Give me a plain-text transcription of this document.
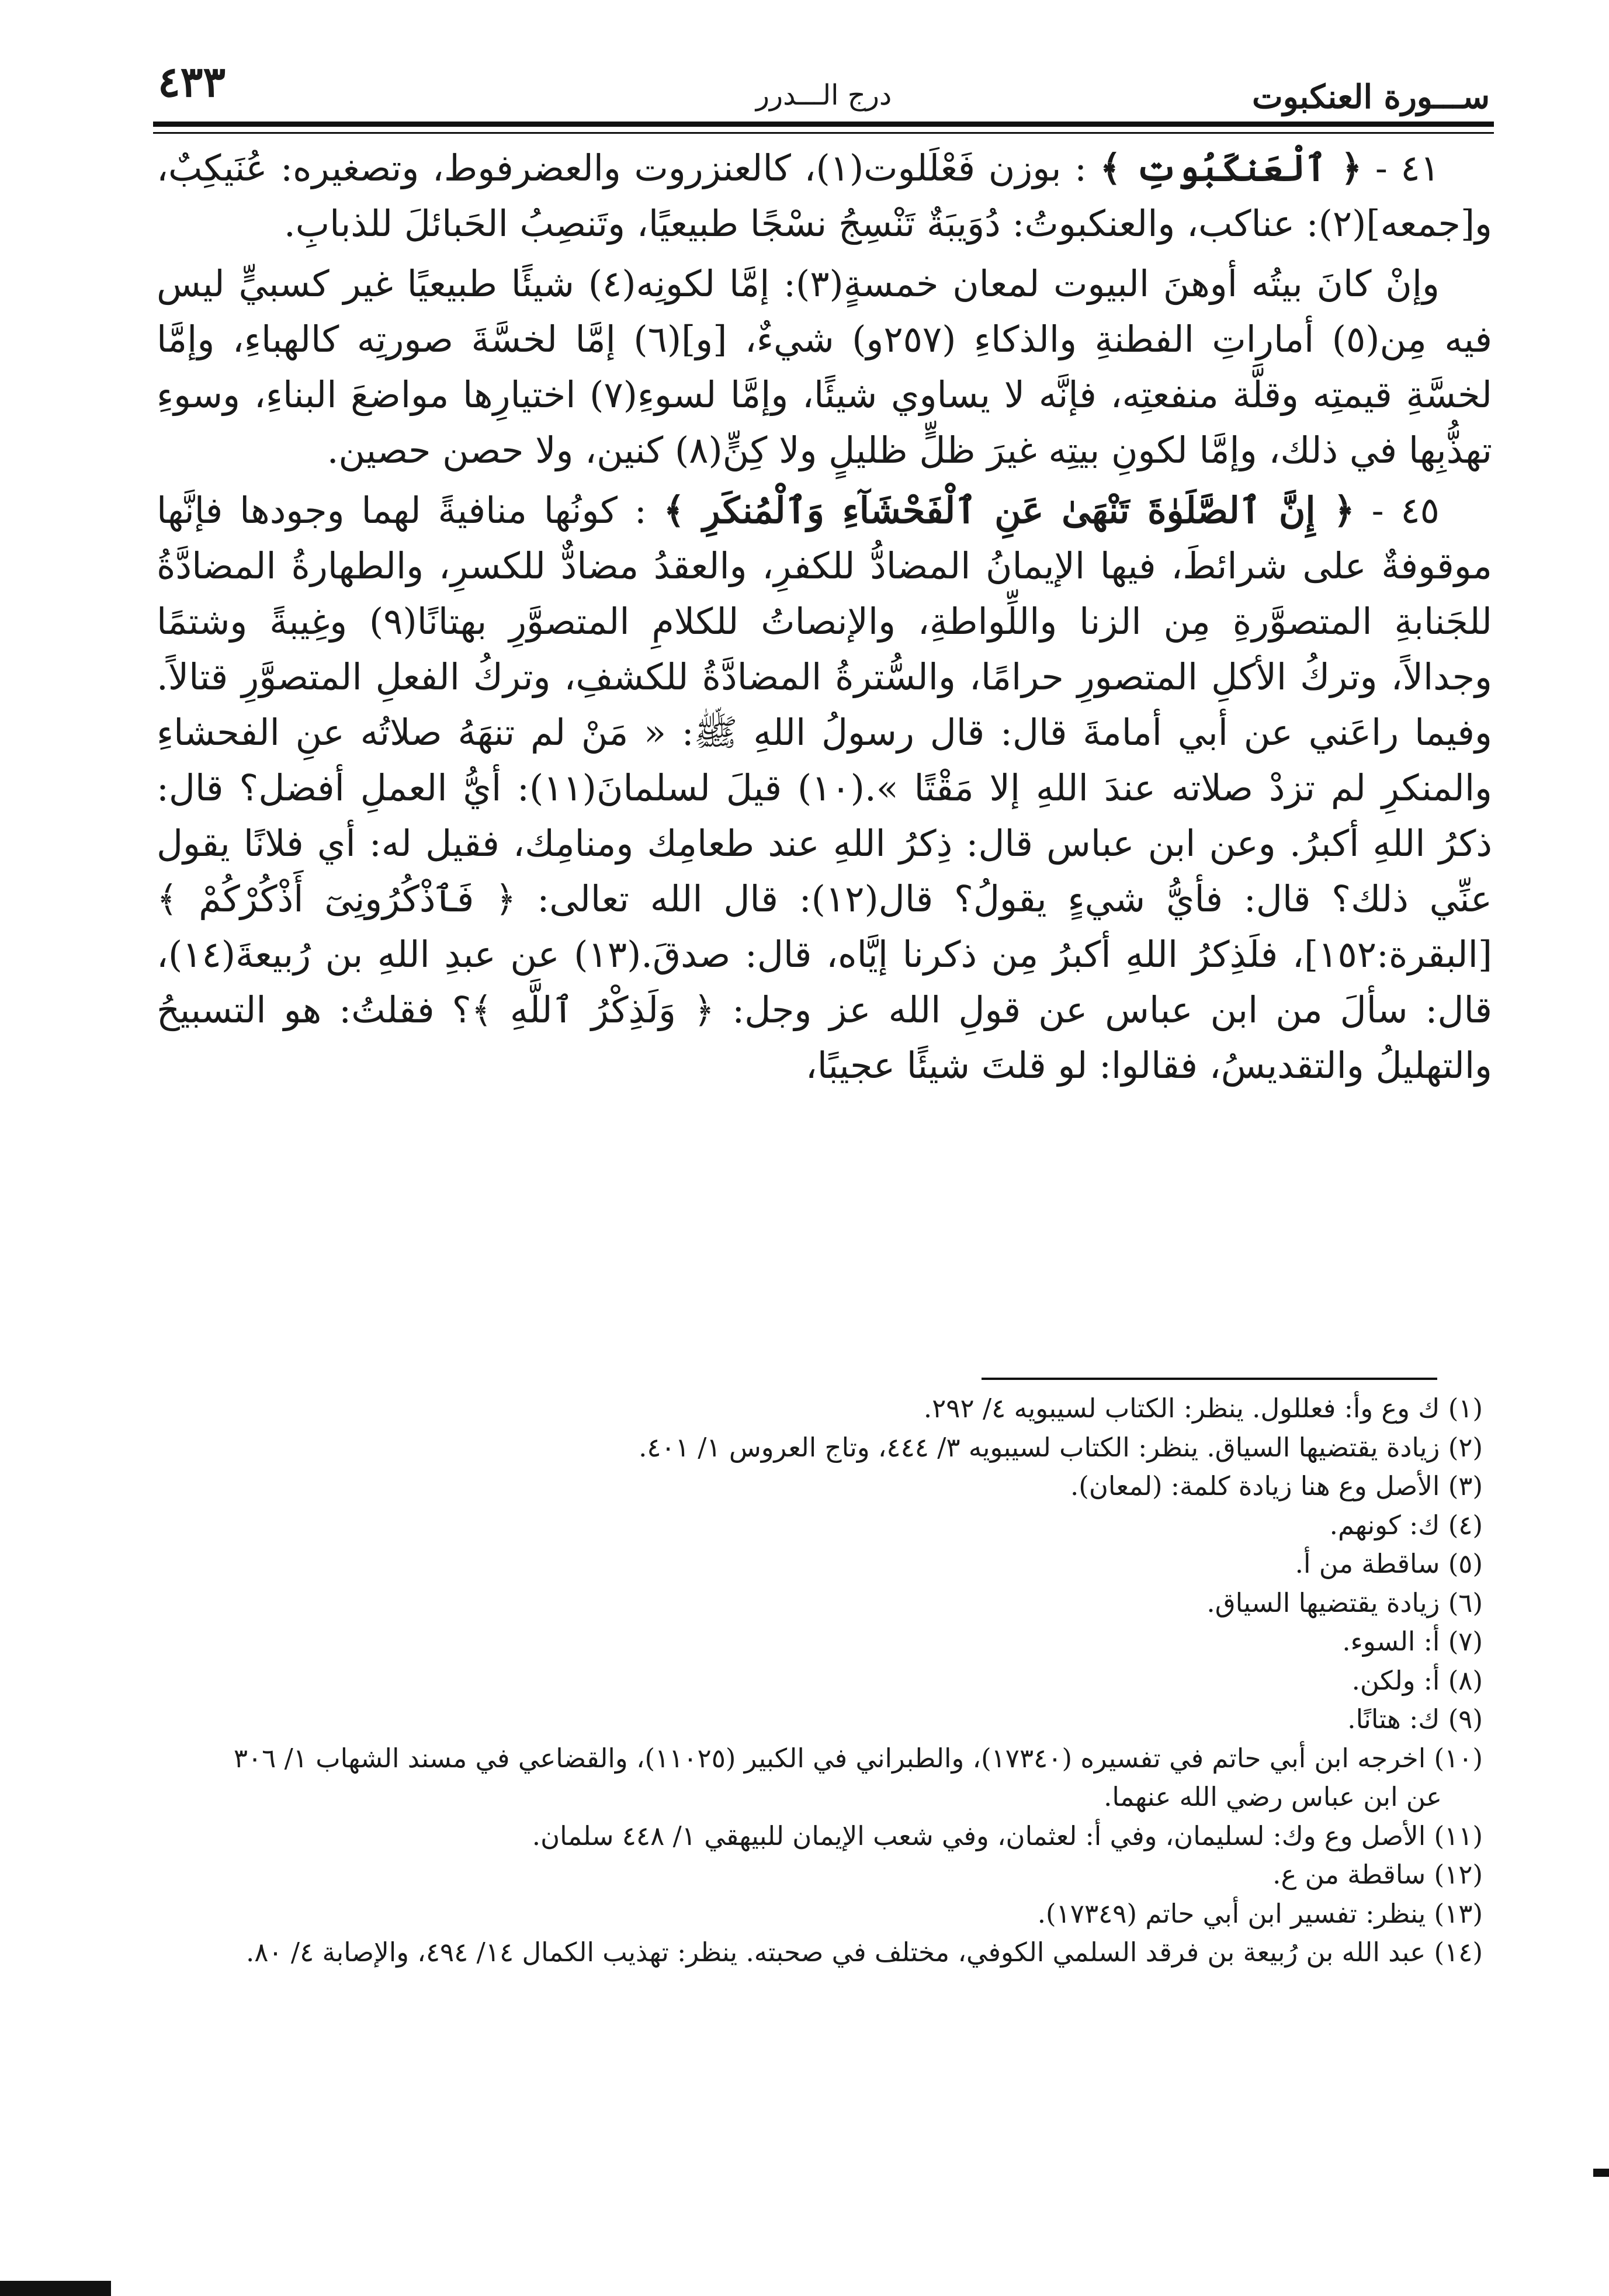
ســـورة العنكبوت
درج الـــدرر
٤٣٣

٤١ - ﴿ ٱلْعَنكَبُوتِ ﴾ : بوزن فَعْلَلوت(١)، كالعنزروت والعضرفوط، وتصغيره: عُنَيكِبٌ، و[جمعه](٢): عناكب، والعنكبوتُ: دُوَيبَةٌ تَنْسِجُ نسْجًا طبيعيًا، وتَنصِبُ الحَبائلَ للذبابِ.

وإنْ كانَ بيتُه أوهنَ البيوت لمعان خمسةٍ(٣): إمَّا لكونِه(٤) شيئًا طبيعيًا غير كسبيٍّ ليس فيه مِن(٥) أماراتِ الفطنةِ والذكاءِ (٢٥٧و) شيءٌ، [و](٦) إمَّا لخسَّةَ صورتِه كالهباءِ، وإمَّا لخسَّةِ قيمتِه وقلَّة منفعتِه، فإنَّه لا يساوي شيئًا، وإمَّا لسوءِ(٧) اختيارِها مواضعَ البناءِ، وسوءِ تهذُّبِها في ذلك، وإمَّا لكونِ بيتِه غيرَ ظلٍّ ظليلٍ ولا كِنٍّ(٨) كنين، ولا حصن حصين.

٤٥ - ﴿ إِنَّ ٱلصَّلَوٰةَ تَنْهَىٰ عَنِ ٱلْفَحْشَآءِ وَٱلْمُنكَرِ ﴾ : كونُها منافيةً لهما وجودها فإنَّها موقوفةٌ على شرائطَ، فيها الإيمانُ المضادُّ للكفرِ، والعقدُ مضادٌّ للكسرِ، والطهارةُ المضادَّةُ للجَنابةِ المتصوَّرةِ مِن الزنا واللِّواطةِ، والإنصاتُ للكلامِ المتصوَّرِ بهتانًا(٩) وغِيبةً وشتمًا وجدالاً، وتركُ الأكلِ المتصورِ حرامًا، والسُّترةُ المضادَّةُ للكشفِ، وتركُ الفعلِ المتصوَّرِ قتالاً. وفيما راعَني عن أبي أمامةَ قال: قال رسولُ اللهِ ﷺ: « مَنْ لم تنهَهُ صلاتُه عنِ الفحشاءِ والمنكرِ لم تزدْ صلاته عندَ اللهِ إلا مَقْتًا ».(١٠) قيلَ لسلمانَ(١١): أيُّ العملِ أفضل؟ قال: ذكرُ اللهِ أكبرُ. وعن ابن عباس قال: ذِكرُ اللهِ عند طعامِك ومنامِك، فقيل له: أي فلانًا يقول عنِّي ذلك؟ قال: فأيُّ شيءٍ يقولُ؟ قال(١٢): قال الله تعالى: ﴿ فَٱذْكُرُونِىٓ أَذْكُرْكُمْ ﴾ [البقرة:١٥٢]، فلَذِكرُ اللهِ أكبرُ مِن ذكرنا إيَّاه، قال: صدقَ.(١٣) عن عبدِ اللهِ بن رُبيعةَ(١٤)، قال: سألَ من ابن عباس عن قولِ الله عز وجل: ﴿ وَلَذِكْرُ ٱللَّهِ ﴾؟ فقلتُ: هو التسبيحُ والتهليلُ والتقديسُ، فقالوا: لو قلتَ شيئًا عجيبًا،

(١) ك وع وأ: فعللول. ينظر: الكتاب لسيبويه ٤/ ٢٩٢.

(٢) زيادة يقتضيها السياق. ينظر: الكتاب لسيبويه ٣/ ٤٤٤، وتاج العروس ١/ ٤٠١.

(٣) الأصل وع هنا زيادة كلمة: (لمعان).

(٤) ك: كونهم.

(٥) ساقطة من أ.

(٦) زيادة يقتضيها السياق.

(٧) أ: السوء.

(٨) أ: ولكن.

(٩) ك: هتانًا.

(١٠) اخرجه ابن أبي حاتم في تفسيره (١٧٣٤٠)، والطبراني في الكبير (١١٠٢٥)، والقضاعي في مسند الشهاب ١/ ٣٠٦

عن ابن عباس رضي الله عنهما.

(١١) الأصل وع وك: لسليمان، وفي أ: لعثمان، وفي شعب الإيمان للبيهقي ١/ ٤٤٨ سلمان.

(١٢) ساقطة من ع.

(١٣) ينظر: تفسير ابن أبي حاتم (١٧٣٤٩).

(١٤) عبد الله بن رُبيعة بن فرقد السلمي الكوفي، مختلف في صحبته. ينظر: تهذيب الكمال ١٤/ ٤٩٤، والإصابة ٤/ ٨٠.
